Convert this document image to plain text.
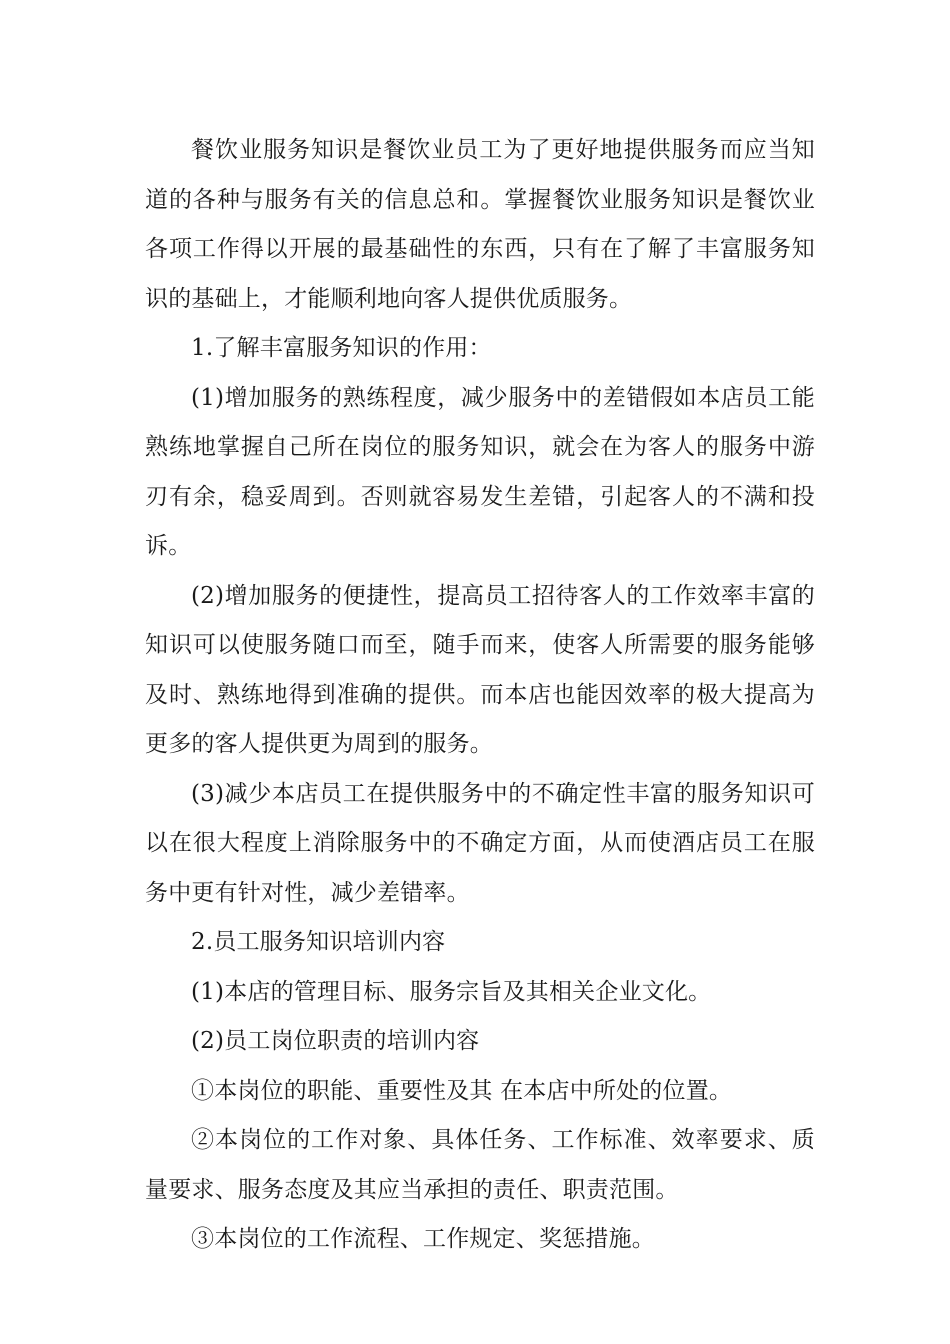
餐饮业服务知识是餐饮业员工为了更好地提供服务而应当知道的各种与服务有关的信息总和。掌握餐饮业服务知识是餐饮业各项工作得以开展的最基础性的东西，只有在了解了丰富服务知识的基础上，才能顺利地向客人提供优质服务。

1.了解丰富服务知识的作用：

(1)增加服务的熟练程度，减少服务中的差错假如本店员工能熟练地掌握自己所在岗位的服务知识，就会在为客人的服务中游刃有余，稳妥周到。否则就容易发生差错，引起客人的不满和投诉。

(2)增加服务的便捷性，提高员工招待客人的工作效率丰富的知识可以使服务随口而至，随手而来，使客人所需要的服务能够及时、熟练地得到准确的提供。而本店也能因效率的极大提高为更多的客人提供更为周到的服务。

(3)减少本店员工在提供服务中的不确定性丰富的服务知识可以在很大程度上消除服务中的不确定方面，从而使酒店员工在服务中更有针对性，减少差错率。

2.员工服务知识培训内容

(1)本店的管理目标、服务宗旨及其相关企业文化。

(2)员工岗位职责的培训内容

①本岗位的职能、重要性及其 在本店中所处的位置。

②本岗位的工作对象、具体任务、工作标准、效率要求、质量要求、服务态度及其应当承担的责任、职责范围。

③本岗位的工作流程、工作规定、奖惩措施。
